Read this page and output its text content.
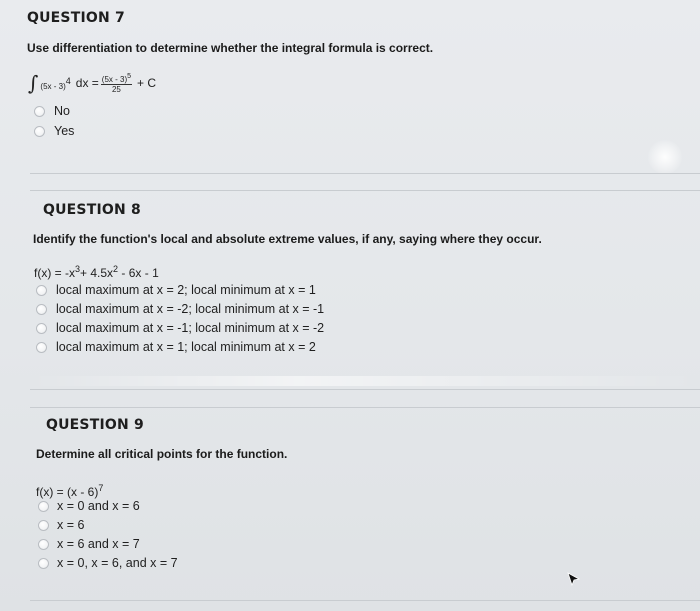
QUESTION 7
Use differentiation to determine whether the integral formula is correct.
∫ (5x - 3)4 dx = $\frac{(5x - 3)5}{25} + C$
No
Yes
QUESTION 8
Identify the function's local and absolute extreme values, if any, saying where they occur.
$f(x) = -x^3+ 4.5x^2 - 6x - 1$
local maximum at x = 2; local minimum at x = 1
local maximum at x = -2; local minimum at x = -1
local maximum at x = -1; local minimum at x = -2
local maximum at x = 1; local minimum at x = 2
QUESTION 9
Determine all critical points for the function.
f(x) = (x - 6)$^7$
x = 0 and x = 6
x = 6
x = 6 and x = 7
x = 0, x = 6, and x = 7
